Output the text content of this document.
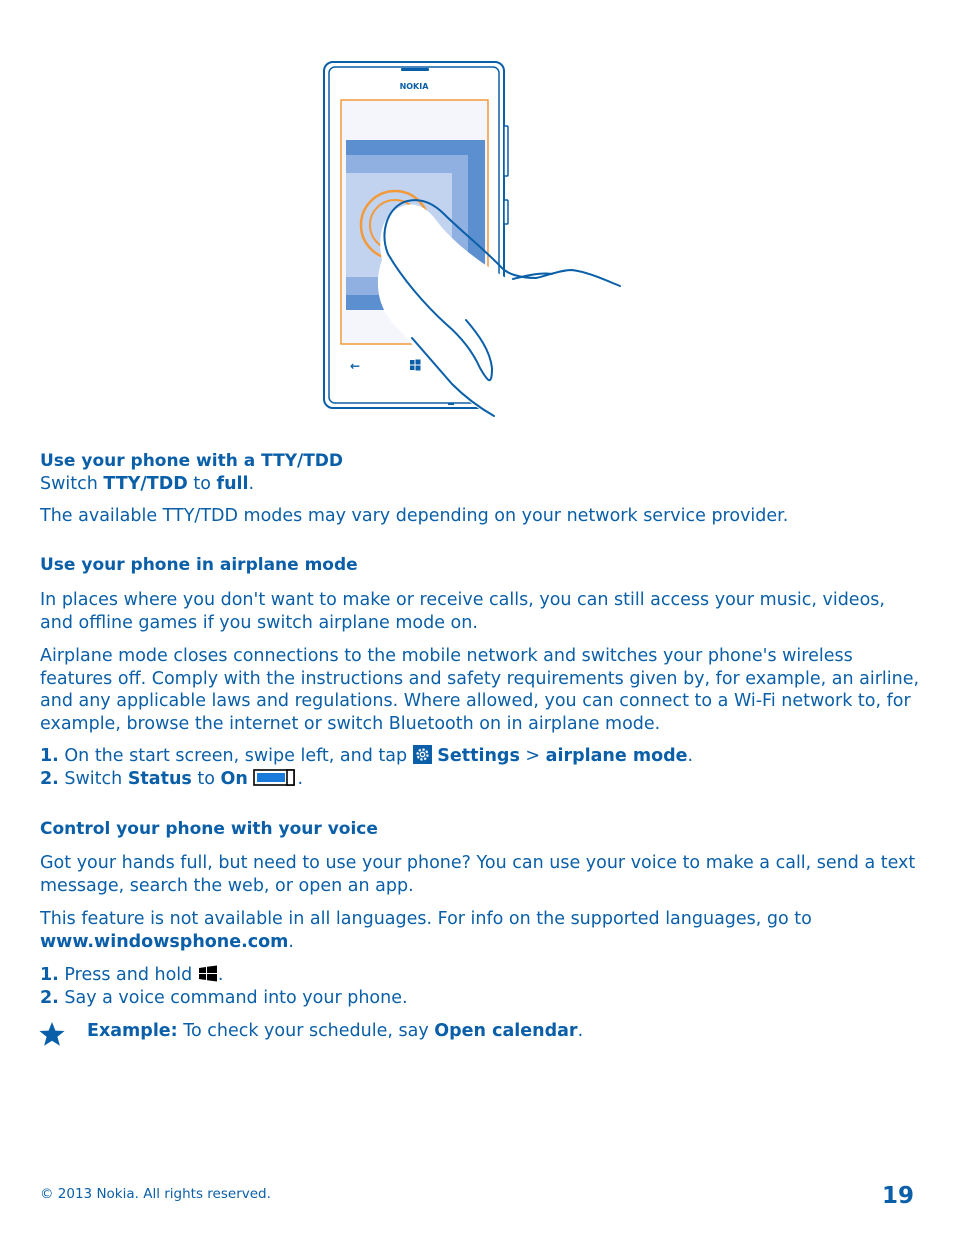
NOKIA
←

Use your phone with a TTY/TDD

Switch TTY/TDD to full.

The available TTY/TDD modes may vary depending on your network service provider.

Use your phone in airplane mode

In places where you don't want to make or receive calls, you can still access your music, videos, and offline games if you switch airplane mode on.

Airplane mode closes connections to the mobile network and switches your phone's wireless features off. Comply with the instructions and safety requirements given by, for example, an airline, and any applicable laws and regulations. Where allowed, you can connect to a Wi-Fi network to, for example, browse the internet or switch Bluetooth on in airplane mode.

1. On the start screen, swipe left, and tap  Settings > airplane mode.

2. Switch Status to On	.

Control your phone with your voice

Got your hands full, but need to use your phone? You can use your voice to make a call, send a text message, search the web, or open an app.

This feature is not available in all languages. For info on the supported languages, go to www.windowsphone.com.

1. Press and hold .

2. Say a voice command into your phone.

Example: To check your schedule, say Open calendar.

© 2013 Nokia. All rights reserved.	19
